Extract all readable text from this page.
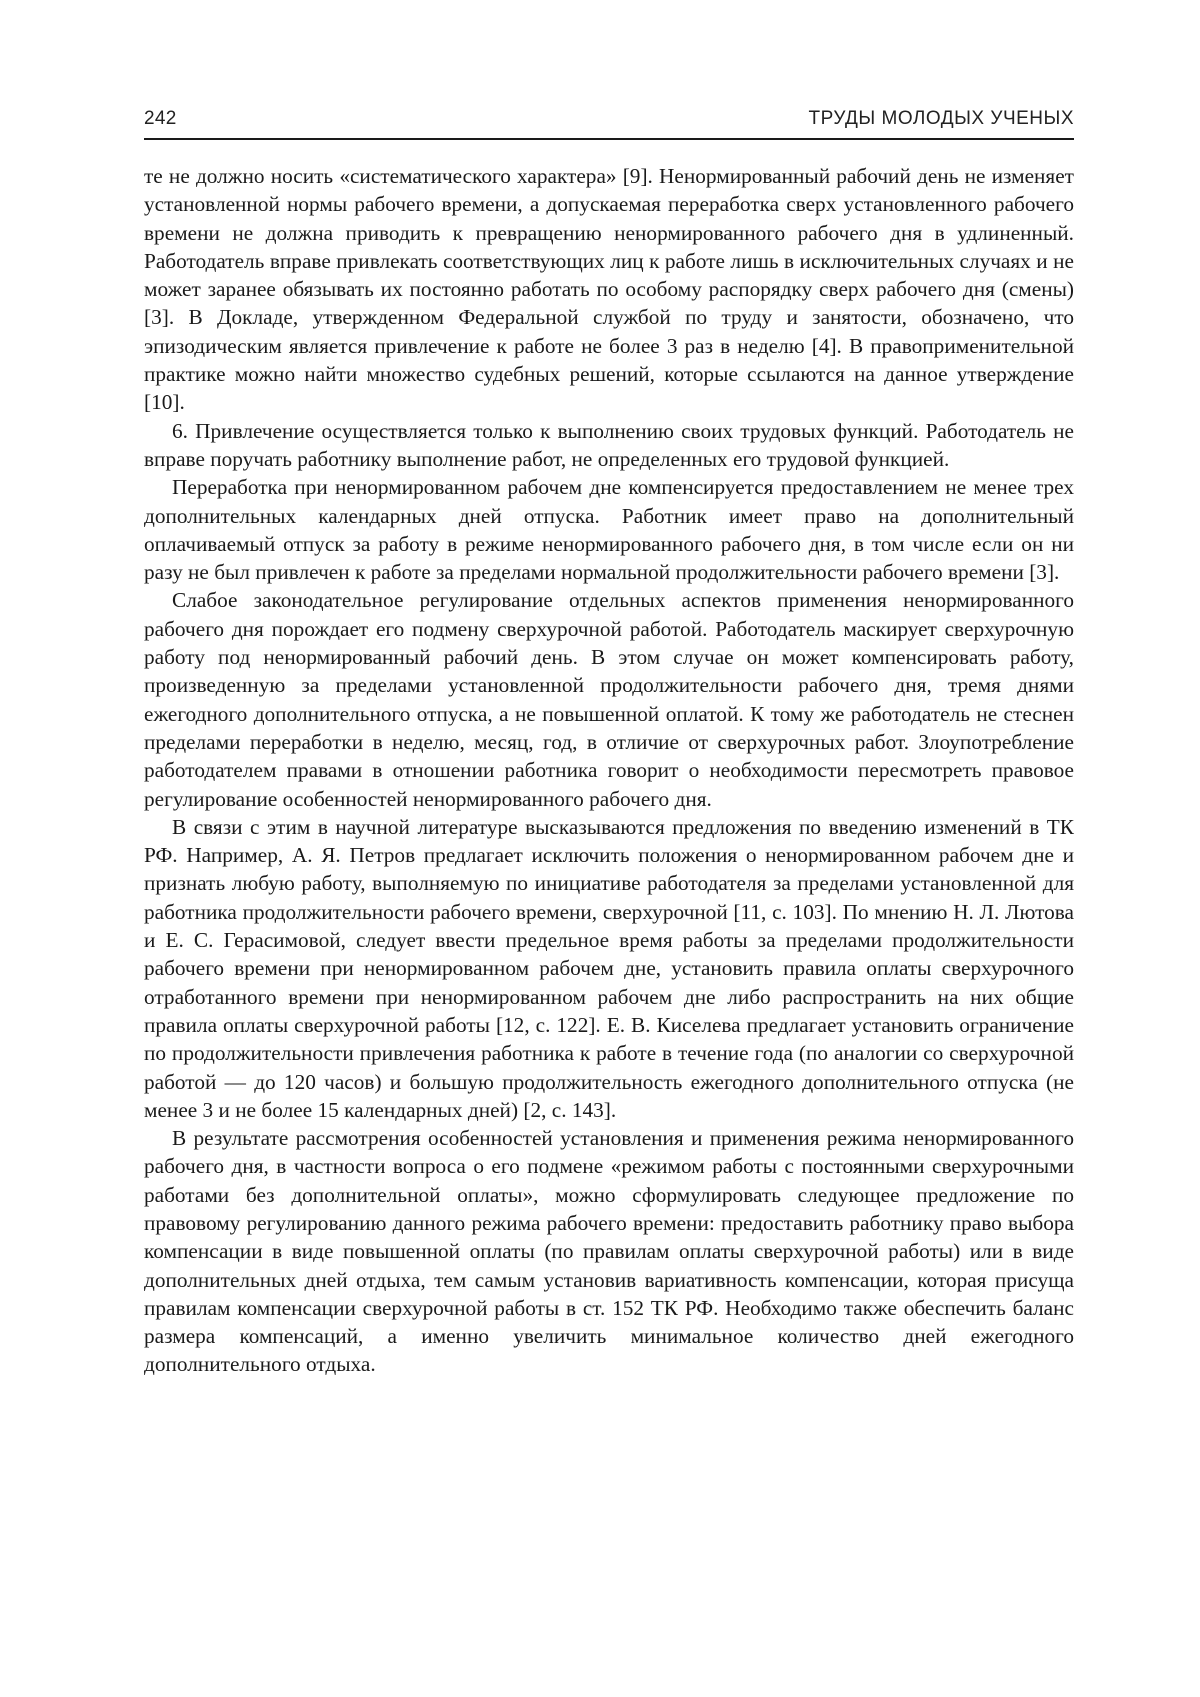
242	ТРУДЫ МОЛОДЫХ УЧЕНЫХ

те не должно носить «систематического характера» [9]. Ненормированный рабочий день не изменяет установленной нормы рабочего времени, а допускаемая переработка сверх установленного рабочего времени не должна приводить к превращению ненормированного рабочего дня в удлиненный. Работодатель вправе привлекать соответствующих лиц к работе лишь в исключительных случаях и не может заранее обязывать их постоянно работать по особому распорядку сверх рабочего дня (смены) [3]. В Докладе, утвержденном Федеральной службой по труду и занятости, обозначено, что эпизодическим является привлечение к работе не более 3 раз в неделю [4]. В правоприменительной практике можно найти множество судебных решений, которые ссылаются на данное утверждение [10].

6. Привлечение осуществляется только к выполнению своих трудовых функций. Работодатель не вправе поручать работнику выполнение работ, не определенных его трудовой функцией.

Переработка при ненормированном рабочем дне компенсируется предоставлением не менее трех дополнительных календарных дней отпуска. Работник имеет право на дополнительный оплачиваемый отпуск за работу в режиме ненормированного рабочего дня, в том числе если он ни разу не был привлечен к работе за пределами нормальной продолжительности рабочего времени [3].

Слабое законодательное регулирование отдельных аспектов применения ненормированного рабочего дня порождает его подмену сверхурочной работой. Работодатель маскирует сверхурочную работу под ненормированный рабочий день. В этом случае он может компенсировать работу, произведенную за пределами установленной продолжительности рабочего дня, тремя днями ежегодного дополнительного отпуска, а не повышенной оплатой. К тому же работодатель не стеснен пределами переработки в неделю, месяц, год, в отличие от сверхурочных работ. Злоупотребление работодателем правами в отношении работника говорит о необходимости пересмотреть правовое регулирование особенностей ненормированного рабочего дня.

В связи с этим в научной литературе высказываются предложения по введению изменений в ТК РФ. Например, А. Я. Петров предлагает исключить положения о ненормированном рабочем дне и признать любую работу, выполняемую по инициативе работодателя за пределами установленной для работника продолжительности рабочего времени, сверхурочной [11, с. 103]. По мнению Н. Л. Лютова и Е. С. Герасимовой, следует ввести предельное время работы за пределами продолжительности рабочего времени при ненормированном рабочем дне, установить правила оплаты сверхурочного отработанного времени при ненормированном рабочем дне либо распространить на них общие правила оплаты сверхурочной работы [12, с. 122]. Е. В. Киселева предлагает установить ограничение по продолжительности привлечения работника к работе в течение года (по аналогии со сверхурочной работой — до 120 часов) и большую продолжительность ежегодного дополнительного отпуска (не менее 3 и не более 15 календарных дней) [2, с. 143].

В результате рассмотрения особенностей установления и применения режима ненормированного рабочего дня, в частности вопроса о его подмене «режимом работы с постоянными сверхурочными работами без дополнительной оплаты», можно сформулировать следующее предложение по правовому регулированию данного режима рабочего времени: предоставить работнику право выбора компенсации в виде повышенной оплаты (по правилам оплаты сверхурочной работы) или в виде дополнительных дней отдыха, тем самым установив вариативность компенсации, которая присуща правилам компенсации сверхурочной работы в ст. 152 ТК РФ. Необходимо также обеспечить баланс размера компенсаций, а именно увеличить минимальное количество дней ежегодного дополнительного отдыха.
